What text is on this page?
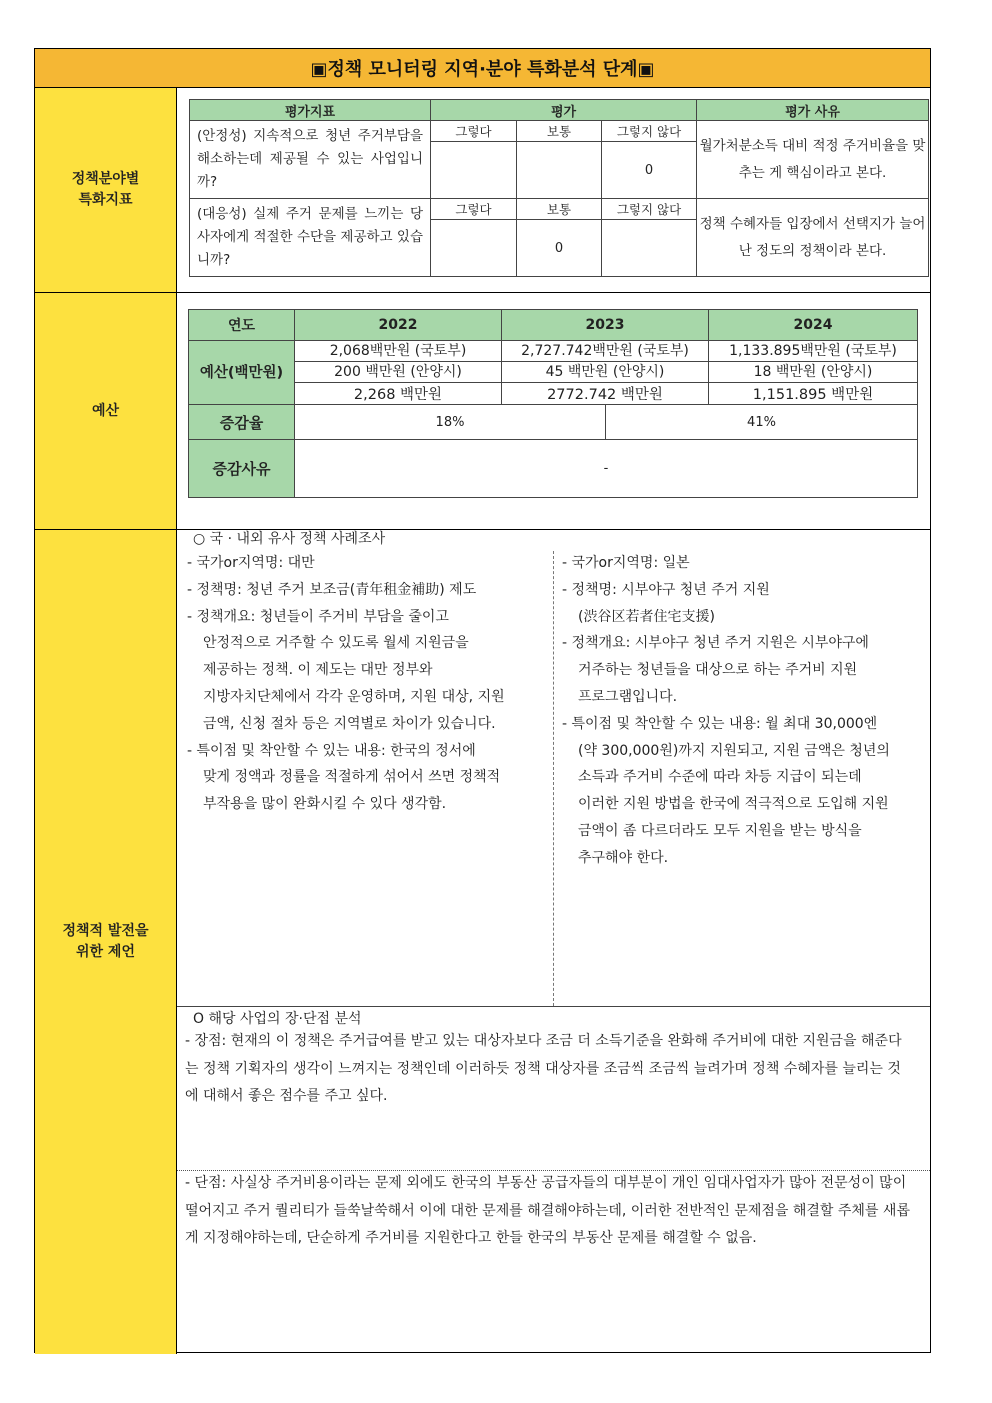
▣정책 모니터링 지역·분야 특화분석 단계▣
정책분야별
특화지표
평가지표	평가			평가 사유
(안정성) 지속적으로 청년 주거부담을 해소하는데 제공될 수 있는 사업입니까?	그렇다	보통	그렇지 않다	월가처분소득 대비 적정 주거비율을 맞추는 게 핵심이라고 본다.
			0	
(대응성) 실제 주거 문제를 느끼는 당사자에게 적절한 수단을 제공하고 있습니까?	그렇다	보통	그렇지 않다	정책 수혜자들 입장에서 선택지가 늘어난 정도의 정책이라 본다.
		0		
예산
연도	2022	2023		2024
예산(백만원)	2,068백만원 (국토부)	2,727.742백만원 (국토부)		1,133.895백만원 (국토부)
	200 백만원 (안양시)	45 백만원 (안양시)		18 백만원 (안양시)
	2,268 백만원	2772.742 백만원		1,151.895 백만원
증감율	18%		41%	
증감사유	-			
정책적 발전을
위한 제언
○ 국 · 내외 유사 정책 사례조사

- 국가or지역명: 대만

- 정책명: 청년 주거 보조금(青年租金補助) 제도

- 정책개요: 청년들이 주거비 부담을 줄이고

안정적으로 거주할 수 있도록 월세 지원금을

제공하는 정책. 이 제도는 대만 정부와

지방자치단체에서 각각 운영하며, 지원 대상, 지원

금액, 신청 절차 등은 지역별로 차이가 있습니다.

- 특이점 및 착안할 수 있는 내용: 한국의 정서에

맞게 정액과 정률을 적절하게 섞어서 쓰면 정책적

부작용을 많이 완화시킬 수 있다 생각함.

- 국가or지역명: 일본

- 정책명: 시부야구 청년 주거 지원

(渋谷区若者住宅支援)

- 정책개요: 시부야구 청년 주거 지원은 시부야구에

거주하는 청년들을 대상으로 하는 주거비 지원

프로그램입니다.

- 특이점 및 착안할 수 있는 내용: 월 최대 30,000엔

(약 300,000원)까지 지원되고, 지원 금액은 청년의

소득과 주거비 수준에 따라 차등 지급이 되는데

이러한 지원 방법을 한국에 적극적으로 도입해 지원

금액이 좀 다르더라도 모두 지원을 받는 방식을

추구해야 한다.

O 해당 사업의 장·단점 분석
- 장점: 현재의 이 정책은 주거급여를 받고 있는 대상자보다 조금 더 소득기준을 완화해 주거비에 대한 지원금을 해준다는 정책 기획자의 생각이 느껴지는 정책인데 이러하듯 정책 대상자를 조금씩 조금씩 늘려가며 정책 수혜자를 늘리는 것에 대해서 좋은 점수를 주고 싶다.
- 단점: 사실상 주거비용이라는 문제 외에도 한국의 부동산 공급자들의 대부분이 개인 임대사업자가 많아 전문성이 많이 떨어지고 주거 퀄리티가 들쑥날쑥해서 이에 대한 문제를 해결해야하는데, 이러한 전반적인 문제점을 해결할 주체를 새롭게 지정해야하는데, 단순하게 주거비를 지원한다고 한들 한국의 부동산 문제를 해결할 수 없음.
